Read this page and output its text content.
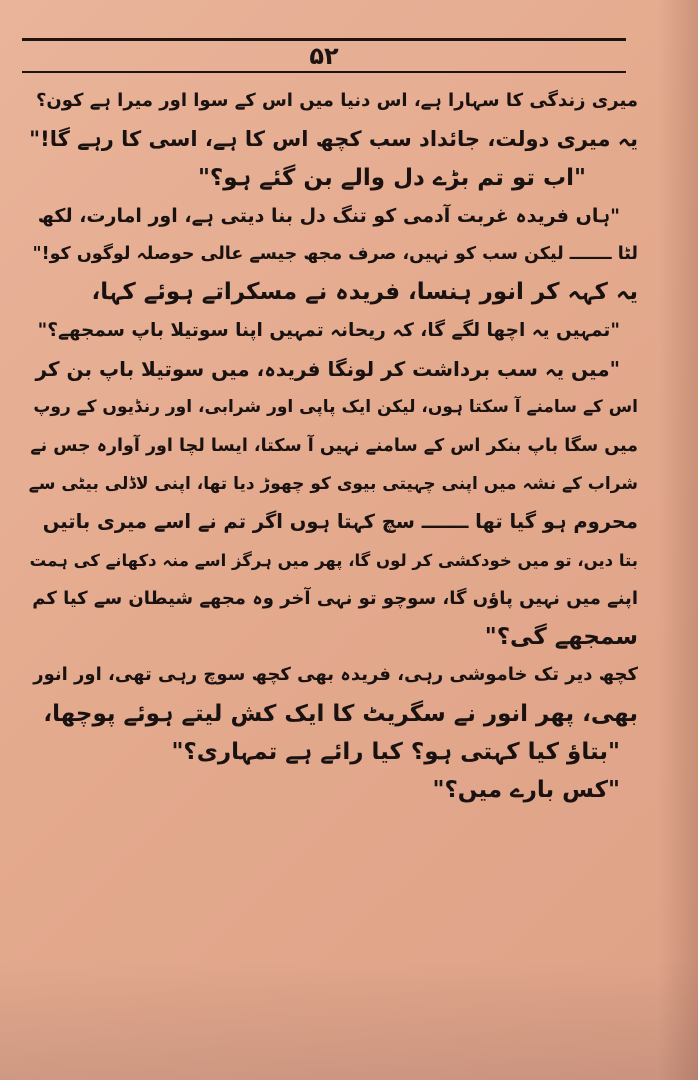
۵۲
میری زندگی کا سہارا ہے، اس دنیا میں اس کے سوا اور میرا ہے کون؟
یہ میری دولت، جائداد سب کچھ اس کا ہے، اسی کا رہے گا!"
"اب تو تم بڑے دل والے بن گئے ہو؟"
"ہاں فریدہ غربت آدمی کو تنگ دل بنا دیتی ہے، اور امارت، لکھ
لٹا ـــــــ لیکن سب کو نہیں، صرف مجھ جیسے عالی حوصلہ لوگوں کو!"
یہ کہہ کر انور ہنسا، فریدہ نے مسکراتے ہوئے کہا،
"تمہیں یہ اچھا لگے گا، کہ ریحانہ تمہیں اپنا سوتیلا باپ سمجھے؟"
"میں یہ سب برداشت کر لونگا فریدہ، میں سوتیلا باپ بن کر
اس کے سامنے آ سکتا ہوں، لیکن ایک پاپی اور شرابی، اور رنڈیوں کے روپ
میں سگا باپ بنکر اس کے سامنے نہیں آ سکتا، ایسا لچا اور آوارہ جس نے
شراب کے نشہ میں اپنی چہیتی بیوی کو چھوڑ دیا تھا، اپنی لاڈلی بیٹی سے
محروم ہو گیا تھا ـــــــ سچ کہتا ہوں اگر تم نے اسے میری باتیں
بتا دیں، تو میں خودکشی کر لوں گا، پھر میں ہرگز اسے منہ دکھانے کی ہمت
اپنے میں نہیں پاؤں گا، سوچو تو نہی آخر وہ مجھے شیطان سے کیا کم
سمجھے گی؟"
کچھ دیر تک خاموشی رہی، فریدہ بھی کچھ سوچ رہی تھی، اور انور
بھی، پھر انور نے سگریٹ کا ایک کش لیتے ہوئے پوچھا،
"بتاؤ کیا کہتی ہو؟ کیا رائے ہے تمہاری؟"
"کس بارے میں؟"
